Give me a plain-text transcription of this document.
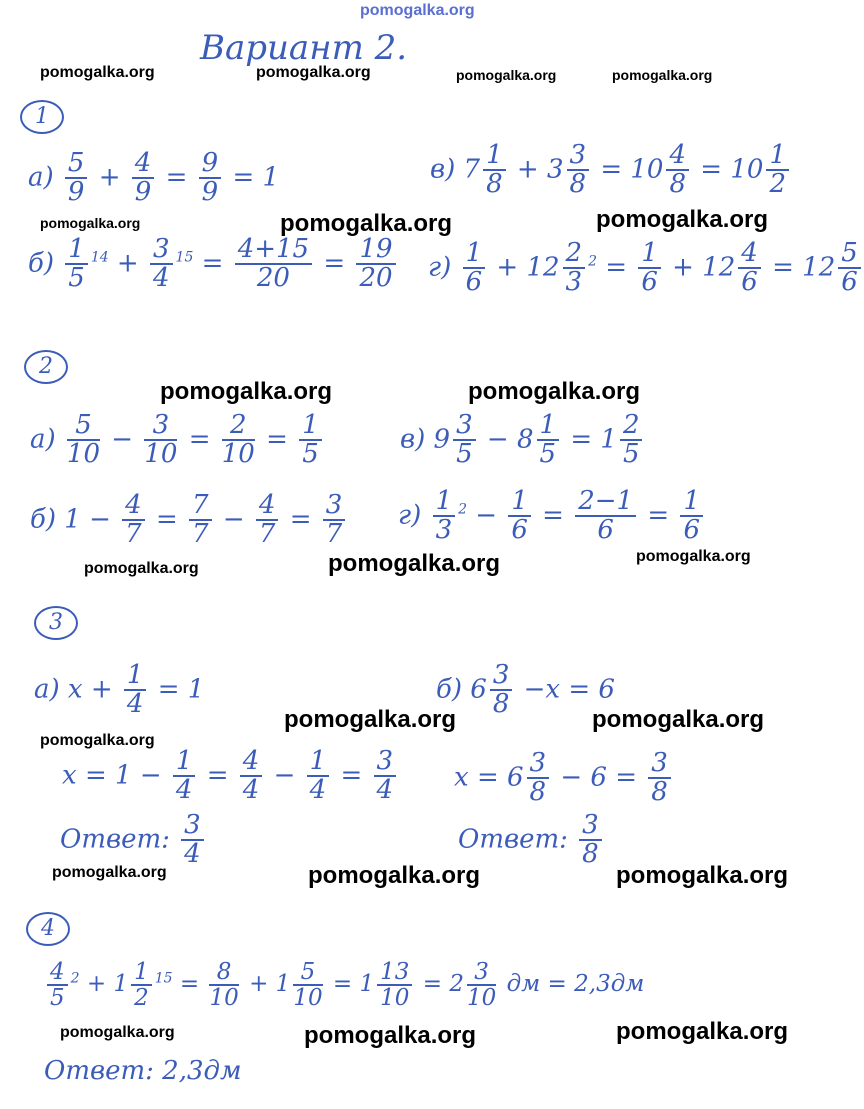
pomogalka.org
Вариант 2.
pomogalka.org	pomogalka.org	pomogalka.org	pomogalka.org
pomogalka.org	pomogalka.org	pomogalka.org
pomogalka.org	pomogalka.org
pomogalka.org	pomogalka.org	pomogalka.org
pomogalka.org	pomogalka.org
pomogalka.org
pomogalka.org	pomogalka.org	pomogalka.org
pomogalka.org	pomogalka.org	pomogalka.org
1
$а) \frac{5}{9} + \frac{4}{9} = \frac{9}{9} = 1$	в) $7 \frac{1}{8} + 3 \frac{3}{8} = 10 \frac{4}{8} = 10 \frac{1}{2}$
$б) \frac{1}{5} ^{14} + \frac{3}{4} ^{15} = \frac{4+15}{20} = \frac{19}{20} г) \frac{1}{6} + 12 \frac{2}{3} ^2 = \frac{1}{6} + 12 \frac{4}{6} = 12 \frac{5}{6}$
2
$а) \frac{5}{10} - \frac{3}{10} = \frac{2}{10} = \frac{1}{5}$	в) $9 \frac{3}{5} - 8 \frac{1}{5} = 1 \frac{2}{5}$
б) $1 - \frac{4}{7} = \frac{7}{7} - \frac{4}{7} = \frac{3}{7} г) \frac{1}{3} ^2 - \frac{1}{6} = \frac{2-1}{6} = \frac{1}{6}$
3
а) $x + \frac{1}{4} = 1$	б) $6 \frac{3}{8} -x = 6$
$x = 1 - \frac{1}{4} = \frac{4}{4} - \frac{1}{4} = \frac{3}{4}$ $x = 6 \frac{3}{8} - 6 = \frac{3}{8}$
Ответ: $\frac{3}{4}$	Ответ: $\frac{3}{8}$
4
$\frac{4}{5} ^2 + 1 \frac{1}{2} ^{15} = \frac{8}{10} + 1 \frac{5}{10} = 1 \frac{13}{10} = 2 \frac{3}{10}$ дм = 2,3дм
Ответ: 2,3дм
